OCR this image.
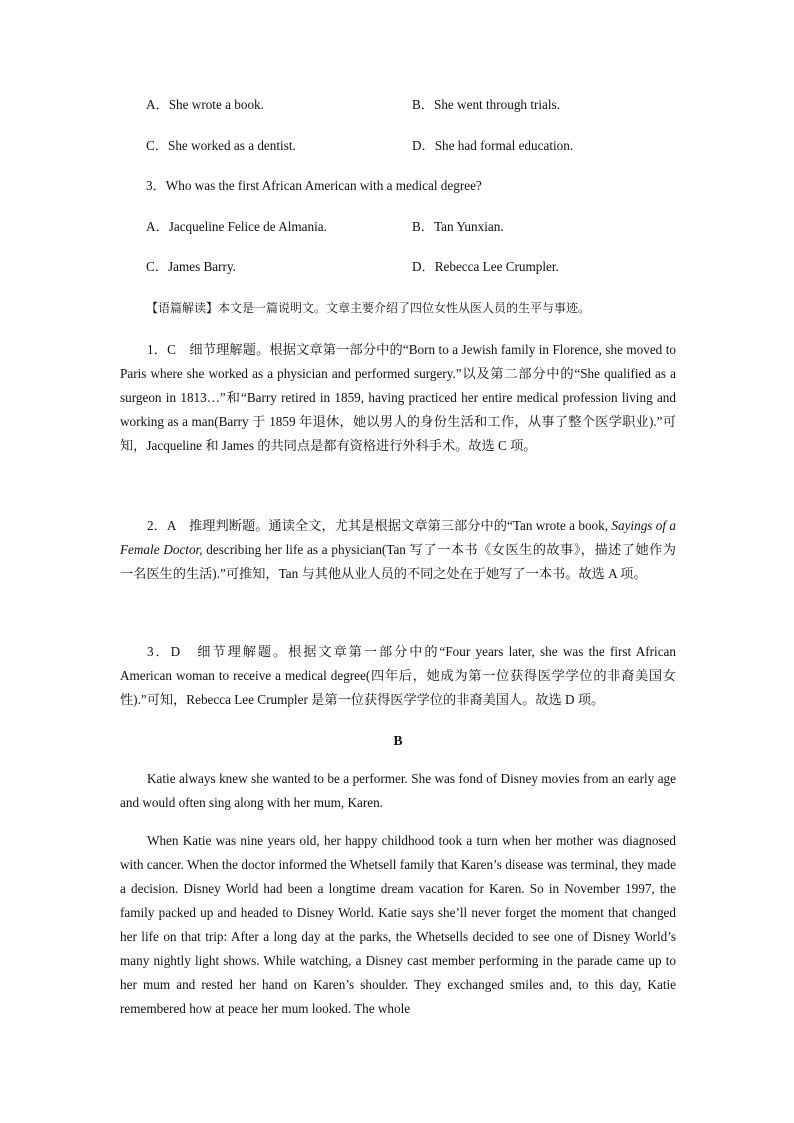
A．She wrote a book.	B．She went through trials.
C．She worked as a dentist.	D．She had formal education.
3．Who was the first African American with a medical degree?
A．Jacqueline Felice de Almania.	B．Tan Yunxian.
C．James Barry.	D．Rebecca Lee Crumpler.
【语篇解读】本文是一篇说明文。文章主要介绍了四位女性从医人员的生平与事迹。

1．C　细节理解题。根据文章第一部分中的“Born to a Jewish family in Florence, she moved to Paris where she worked as a physician and performed surgery.”以及第二部分中的“She qualified as a surgeon in 1813…”和“Barry retired in 1859, having practiced her entire medical profession living and working as a man(Barry 于 1859 年退休，她以男人的身份生活和工作，从事了整个医学职业).”可知，Jacqueline 和 James 的共同点是都有资格进行外科手术。故选 C 项。

2．A　推理判断题。通读全文，尤其是根据文章第三部分中的“Tan wrote a book, Sayings of a Female Doctor, describing her life as a physician(Tan 写了一本书《女医生的故事》，描述了她作为一名医生的生活).”可推知，Tan 与其他从业人员的不同之处在于她写了一本书。故选 A 项。

3．D　细节理解题。根据文章第一部分中的“Four years later, she was the first African American woman to receive a medical degree(四年后，她成为第一位获得医学学位的非裔美国女性).”可知，Rebecca Lee Crumpler 是第一位获得医学学位的非裔美国人。故选 D 项。

B

Katie always knew she wanted to be a performer. She was fond of Disney movies from an early age and would often sing along with her mum, Karen.

When Katie was nine years old, her happy childhood took a turn when her mother was diagnosed with cancer. When the doctor informed the Whetsell family that Karen’s disease was terminal, they made a decision. Disney World had been a longtime dream vacation for Karen. So in November 1997, the family packed up and headed to Disney World. Katie says she’ll never forget the moment that changed her life on that trip: After a long day at the parks, the Whetsells decided to see one of Disney World’s many nightly light shows. While watching, a Disney cast member performing in the parade came up to her mum and rested her hand on Karen’s shoulder. They exchanged smiles and, to this day, Katie remembered how at peace her mum looked. The whole
